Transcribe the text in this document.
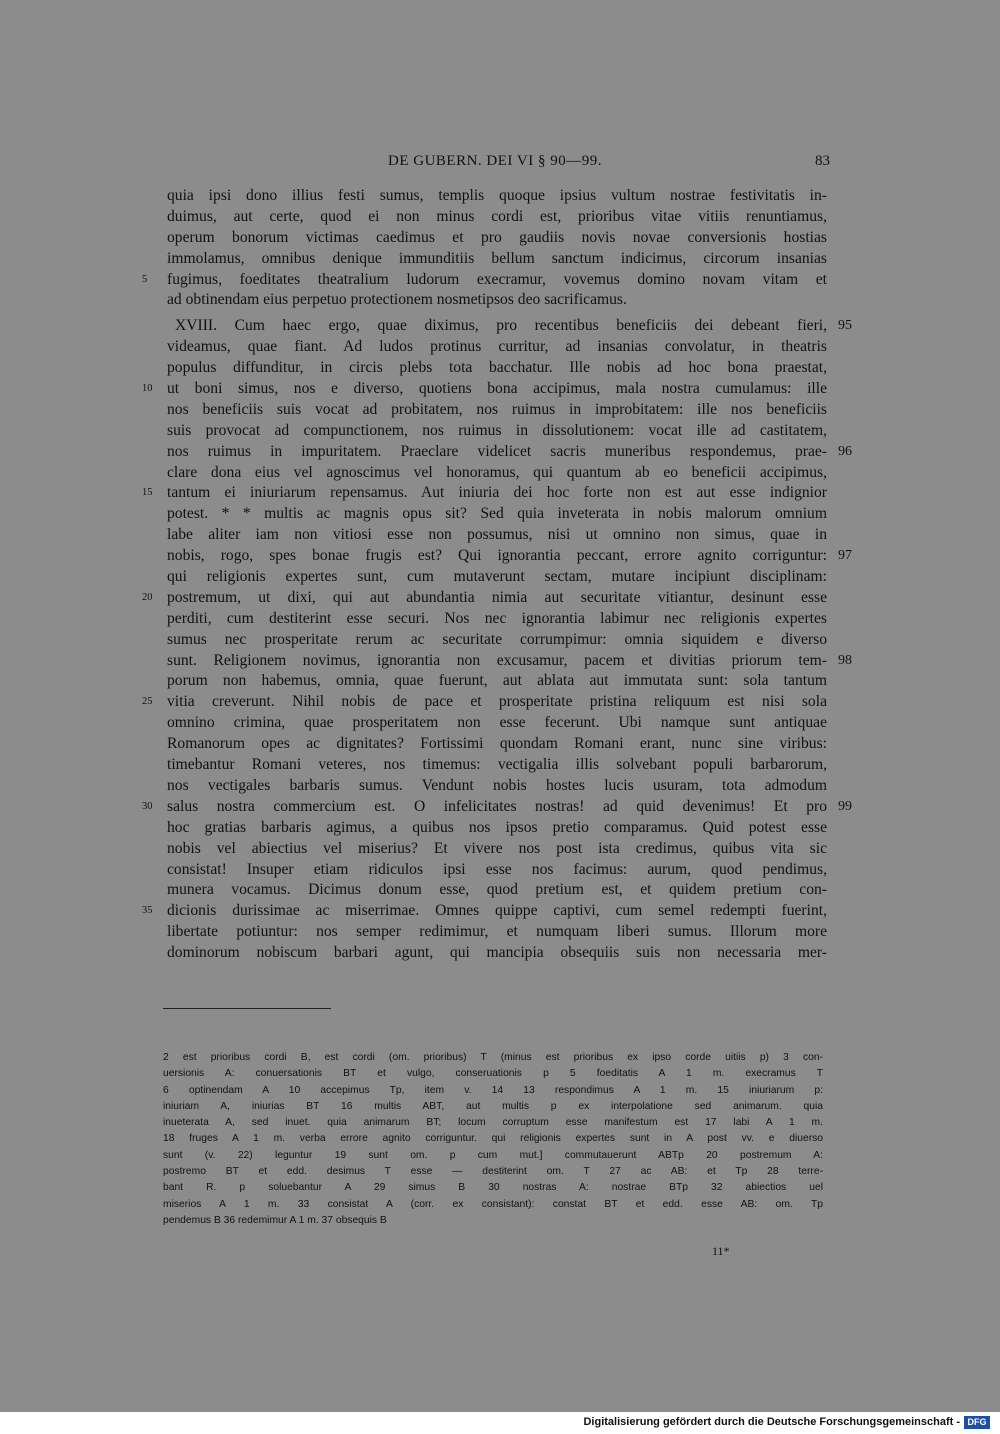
DE GUBERN. DEI VI § 90—99.	83
quia ipsi dono illius festi sumus, templis quoque ipsius vultum nostrae festivitatis in-
duimus, aut certe, quod ei non minus cordi est, prioribus vitae vitiis renuntiamus,
operum bonorum victimas caedimus et pro gaudiis novis novae conversionis hostias
immolamus, omnibus denique immunditiis bellum sanctum indicimus, circorum insanias
fugimus, foeditates theatralium ludorum execramur, vovemus domino novam vitam et
5
ad obtinendam eius perpetuo protectionem nosmetipsos deo sacrificamus.
XVIII. Cum haec ergo, quae diximus, pro recentibus beneficiis dei debeant fieri, 95
videamus, quae fiant. Ad ludos protinus curritur, ad insanias convolatur, in theatris
populus diffunditur, in circis plebs tota bacchatur. Ille nobis ad hoc bona praestat,
ut boni simus, nos e diverso, quotiens bona accipimus, mala nostra cumulamus: ille
10
nos beneficiis suis vocat ad probitatem, nos ruimus in improbitatem: ille nos beneficiis
suis provocat ad compunctionem, nos ruimus in dissolutionem: vocat ille ad castitatem,
nos ruimus in impuritatem. Praeclare videlicet sacris muneribus respondemus, prae- 96
clare dona eius vel agnoscimus vel honoramus, qui quantum ab eo beneficii accipimus,
tantum ei iniuriarum repensamus. Aut iniuria dei hoc forte non est aut esse indignior
15
potest. * * multis ac magnis opus sit? Sed quia inveterata in nobis malorum omnium
labe aliter iam non vitiosi esse non possumus, nisi ut omnino non simus, quae in
nobis, rogo, spes bonae frugis est? Qui ignorantia peccant, errore agnito corriguntur: 97
qui religionis expertes sunt, cum mutaverunt sectam, mutare incipiunt disciplinam:
postremum, ut dixi, qui aut abundantia nimia aut securitate vitiantur, desinunt esse
20
perditi, cum destiterint esse securi. Nos nec ignorantia labimur nec religionis expertes
sumus nec prosperitate rerum ac securitate corrumpimur: omnia siquidem e diverso
sunt. Religionem novimus, ignorantia non excusamur, pacem et divitias priorum tem- 98
porum non habemus, omnia, quae fuerunt, aut ablata aut immutata sunt: sola tantum
vitia creverunt. Nihil nobis de pace et prosperitate pristina reliquum est nisi sola
25
omnino crimina, quae prosperitatem non esse fecerunt. Ubi namque sunt antiquae
Romanorum opes ac dignitates? Fortissimi quondam Romani erant, nunc sine viribus:
timebantur Romani veteres, nos timemus: vectigalia illis solvebant populi barbarorum,
nos vectigales barbaris sumus. Vendunt nobis hostes lucis usuram, tota admodum
salus nostra commercium est. O infelicitates nostras! ad quid devenimus! Et pro
30	99
hoc gratias barbaris agimus, a quibus nos ipsos pretio comparamus. Quid potest esse
nobis vel abiectius vel miserius? Et vivere nos post ista credimus, quibus vita sic
consistat! Insuper etiam ridiculos ipsi esse nos facimus: aurum, quod pendimus,
munera vocamus. Dicimus donum esse, quod pretium est, et quidem pretium con-
dicionis durissimae ac miserrimae. Omnes quippe captivi, cum semel redempti fuerint,
35
libertate potiuntur: nos semper redimimur, et numquam liberi sumus. Illorum more
dominorum nobiscum barbari agunt, qui mancipia obsequiis suis non necessaria mer-
2 est prioribus cordi B, est cordi (om. prioribus) T (minus est prioribus ex ipso corde uitiis p) 3 con-
uersionis A: conuersationis BT et vulgo, conseruationis p 5 foeditatis A 1 m. execramus T
6 optinendam A 10 accepimus Tp, item v. 14 13 respondimus A 1 m. 15 iniuriarum p:
iniuriam A, iniurias BT 16 multis ABT, aut multis p ex interpolatione sed animarum. quia
inueterata A, sed inuet. quia animarum BT; locum corruptum esse manifestum est 17 labi A 1 m.
18 fruges A 1 m. verba errore agnito corriguntur. qui religionis expertes sunt in A post vv. e diuerso
sunt (v. 22) leguntur 19 sunt om. p cum mut.] commutauerunt ABTp 20 postremum A:
postremo BT et edd. desimus T esse — destiterint om. T 27 ac AB: et Tp 28 terre-
bant R. p soluebantur A 29 simus B 30 nostras A: nostrae BTp 32 abiectios uel
miserios A 1 m. 33 consistat A (corr. ex consistant): constat BT et edd. esse AB: om. Tp
pendemus B 36 redemimur A 1 m. 37 obsequis B
11*
Digitalisierung gefördert durch die Deutsche Forschungsgemeinschaft - DFG
